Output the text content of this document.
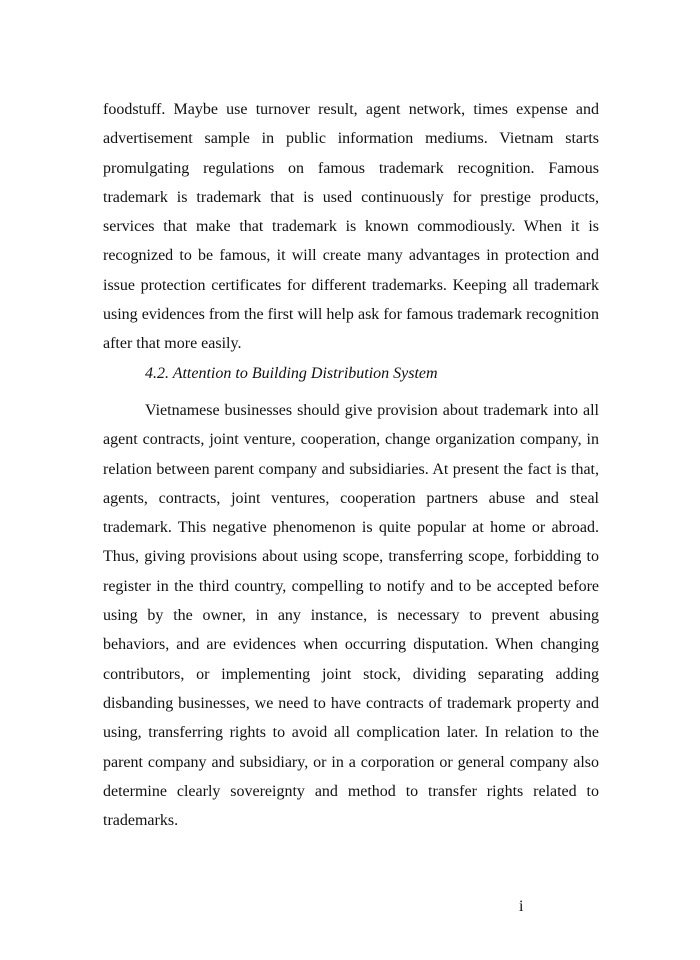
foodstuff. Maybe use turnover result, agent network, times expense and advertisement sample in public information mediums. Vietnam starts promulgating regulations on famous trademark recognition. Famous trademark is trademark that is used continuously for prestige products, services that make that trademark is known commodiously. When it is recognized to be famous, it will create many advantages in protection and issue protection certificates for different trademarks. Keeping all trademark using evidences from the first will help ask for famous trademark recognition after that more easily.

4.2. Attention to Building Distribution System

Vietnamese businesses should give provision about trademark into all agent contracts, joint venture, cooperation, change organization company, in relation between parent company and subsidiaries. At present the fact is that, agents, contracts, joint ventures, cooperation partners abuse and steal trademark. This negative phenomenon is quite popular at home or abroad. Thus, giving provisions about using scope, transferring scope, forbidding to register in the third country, compelling to notify and to be accepted before using by the owner, in any instance, is necessary to prevent abusing behaviors, and are evidences when occurring disputation. When changing contributors, or implementing joint stock, dividing separating adding disbanding businesses, we need to have contracts of trademark property and using, transferring rights to avoid all complication later. In relation to the parent company and subsidiary, or in a corporation or general company also determine clearly sovereignty and method to transfer rights related to trademarks.

i
